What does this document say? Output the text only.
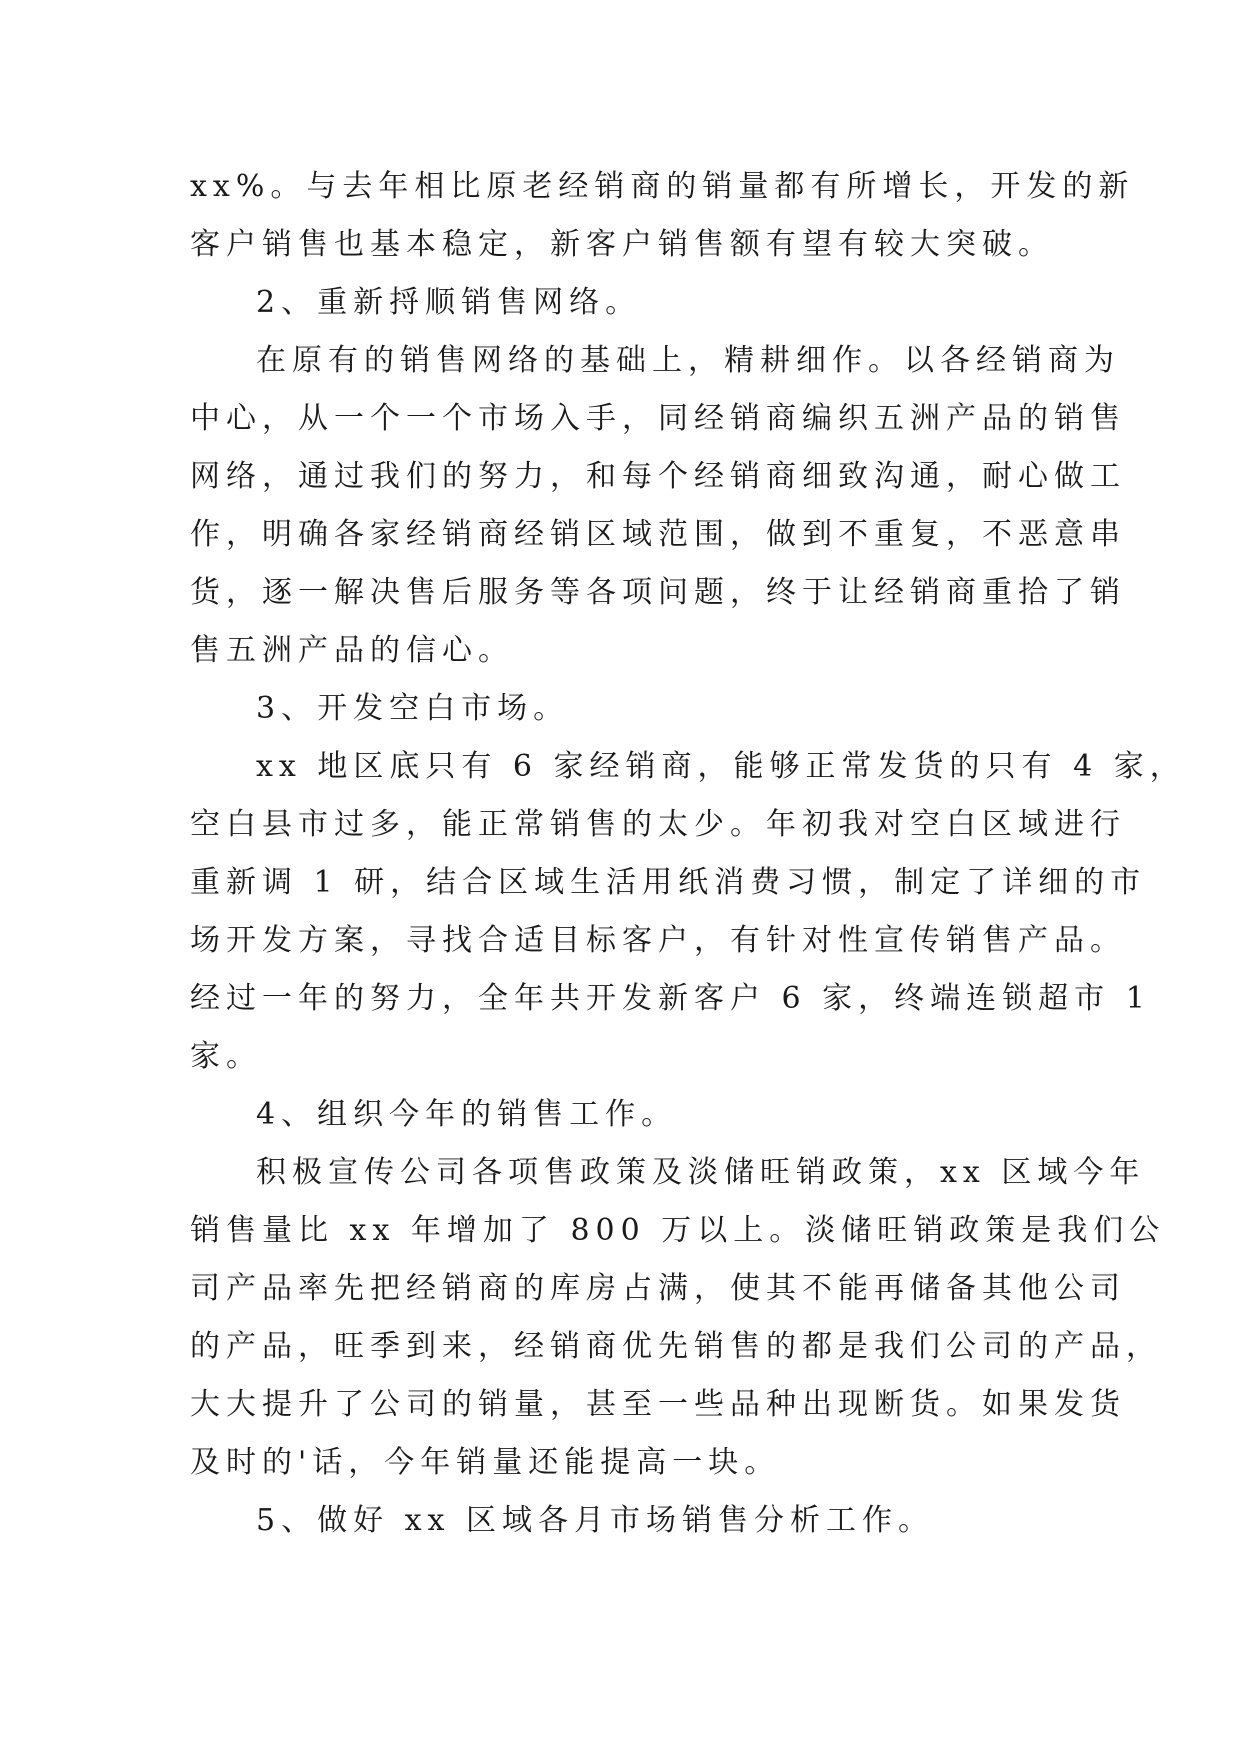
xx%。与去年相比原老经销商的销量都有所增长，开发的新

客户销售也基本稳定，新客户销售额有望有较大突破。

2、重新捋顺销售网络。

在原有的销售网络的基础上，精耕细作。以各经销商为

中心，从一个一个市场入手，同经销商编织五洲产品的销售

网络，通过我们的努力，和每个经销商细致沟通，耐心做工

作，明确各家经销商经销区域范围，做到不重复，不恶意串

货，逐一解决售后服务等各项问题，终于让经销商重拾了销

售五洲产品的信心。

3、开发空白市场。

xx 地区底只有 6 家经销商，能够正常发货的只有 4 家，

空白县市过多，能正常销售的太少。年初我对空白区域进行

重新调 1 研，结合区域生活用纸消费习惯，制定了详细的市

场开发方案，寻找合适目标客户，有针对性宣传销售产品。

经过一年的努力，全年共开发新客户 6 家，终端连锁超市 1

家。

4、组织今年的销售工作。

积极宣传公司各项售政策及淡储旺销政策，xx 区域今年

销售量比 xx 年增加了 800 万以上。淡储旺销政策是我们公

司产品率先把经销商的库房占满，使其不能再储备其他公司

的产品，旺季到来，经销商优先销售的都是我们公司的产品，

大大提升了公司的销量，甚至一些品种出现断货。如果发货

及时的'话，今年销量还能提高一块。

5、做好 xx 区域各月市场销售分析工作。
